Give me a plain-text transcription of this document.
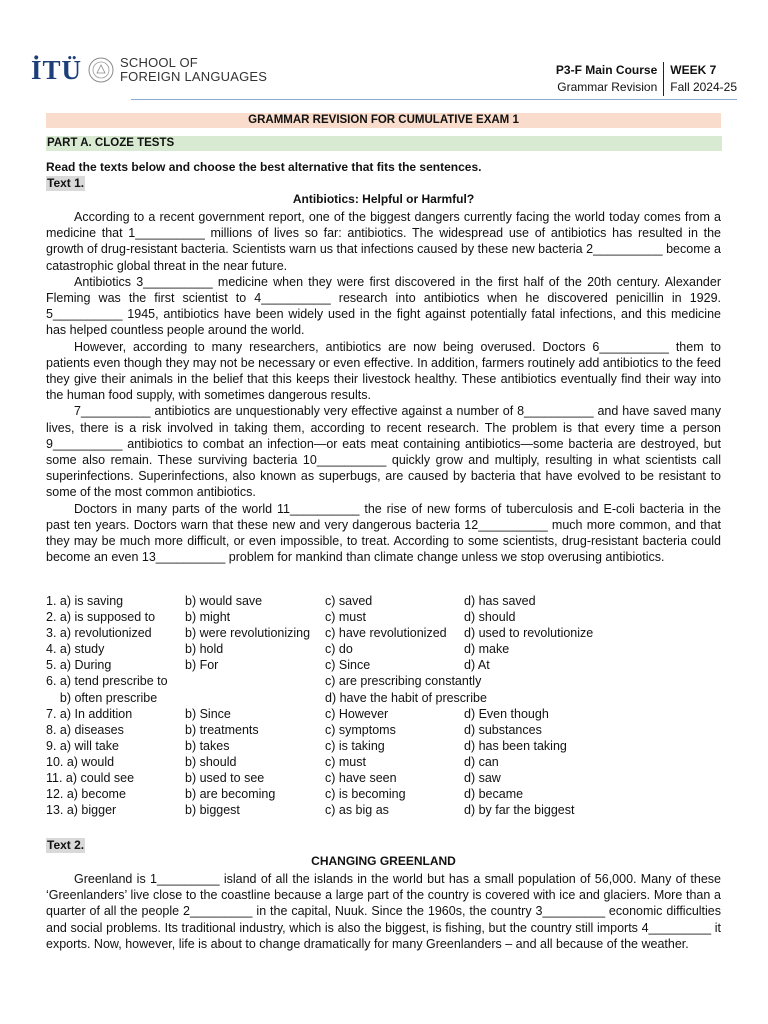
İTÜ	SCHOOL OF
FOREIGN LANGUAGES	P3-F Main Course
Grammar Revision
WEEK 7
Fall 2024-25
GRAMMAR REVISION FOR CUMULATIVE EXAM 1
PART A. CLOZE TESTS
Read the texts below and choose the best alternative that fits the sentences.
Text 1.
Antibiotics: Helpful or Harmful?

According to a recent government report, one of the biggest dangers currently facing the world today comes from a medicine that 1__________ millions of lives so far: antibiotics. The widespread use of antibiotics has resulted in the growth of drug-resistant bacteria. Scientists warn us that infections caused by these new bacteria 2__________ become a catastrophic global threat in the near future.

Antibiotics 3__________ medicine when they were first discovered in the first half of the 20th century. Alexander Fleming was the first scientist to 4__________ research into antibiotics when he discovered penicillin in 1929. 5__________ 1945, antibiotics have been widely used in the fight against potentially fatal infections, and this medicine has helped countless people around the world.

However, according to many researchers, antibiotics are now being overused. Doctors 6__________ them to patients even though they may not be necessary or even effective. In addition, farmers routinely add antibiotics to the feed they give their animals in the belief that this keeps their livestock healthy. These antibiotics eventually find their way into the human food supply, with sometimes dangerous results.

7__________ antibiotics are unquestionably very effective against a number of 8__________ and have saved many lives, there is a risk involved in taking them, according to recent research. The problem is that every time a person 9__________ antibiotics to combat an infection—or eats meat containing antibiotics—some bacteria are destroyed, but some also remain. These surviving bacteria 10__________ quickly grow and multiply, resulting in what scientists call superinfections. Superinfections, also known as superbugs, are caused by bacteria that have evolved to be resistant to some of the most common antibiotics.

Doctors in many parts of the world 11__________ the rise of new forms of tuberculosis and E-coli bacteria in the past ten years. Doctors warn that these new and very dangerous bacteria 12__________ much more common, and that they may be much more difficult, or even impossible, to treat. According to some scientists, drug-resistant bacteria could become an even 13__________ problem for mankind than climate change unless we stop overusing antibiotics.

1. a) is saving	b) would save	c) saved	d) has saved
2. a) is supposed to b) might	c) must	d) should
3. a) revolutionized	b) were revolutionizing c) have revolutionized d) used to revolutionize
4. a) study	b) hold	c) do	d) make
5. a) During	b) For	c) Since	d) At
6. a) tend prescribe to	c) are prescribing constantly
b) often prescribe	d) have the habit of prescribe
7. a) In addition	b) Since	c) However	d) Even though
8. a) diseases	b) treatments	c) symptoms	d) substances
9. a) will take	b) takes	c) is taking	d) has been taking
10. a) would	b) should	c) must	d) can
11. a) could see	b) used to see	c) have seen	d) saw
12. a) become	b) are becoming	c) is becoming	d) became
13. a) bigger	b) biggest	c) as big as	d) by far the biggest
Text 2.
CHANGING GREENLAND

Greenland is 1_________ island of all the islands in the world but has a small population of 56,000. Many of these ‘Greenlanders’ live close to the coastline because a large part of the country is covered with ice and glaciers. More than a quarter of all the people 2_________ in the capital, Nuuk. Since the 1960s, the country 3_________ economic difficulties and social problems. Its traditional industry, which is also the biggest, is fishing, but the country still imports 4_________ it exports. Now, however, life is about to change dramatically for many Greenlanders – and all because of the weather.
